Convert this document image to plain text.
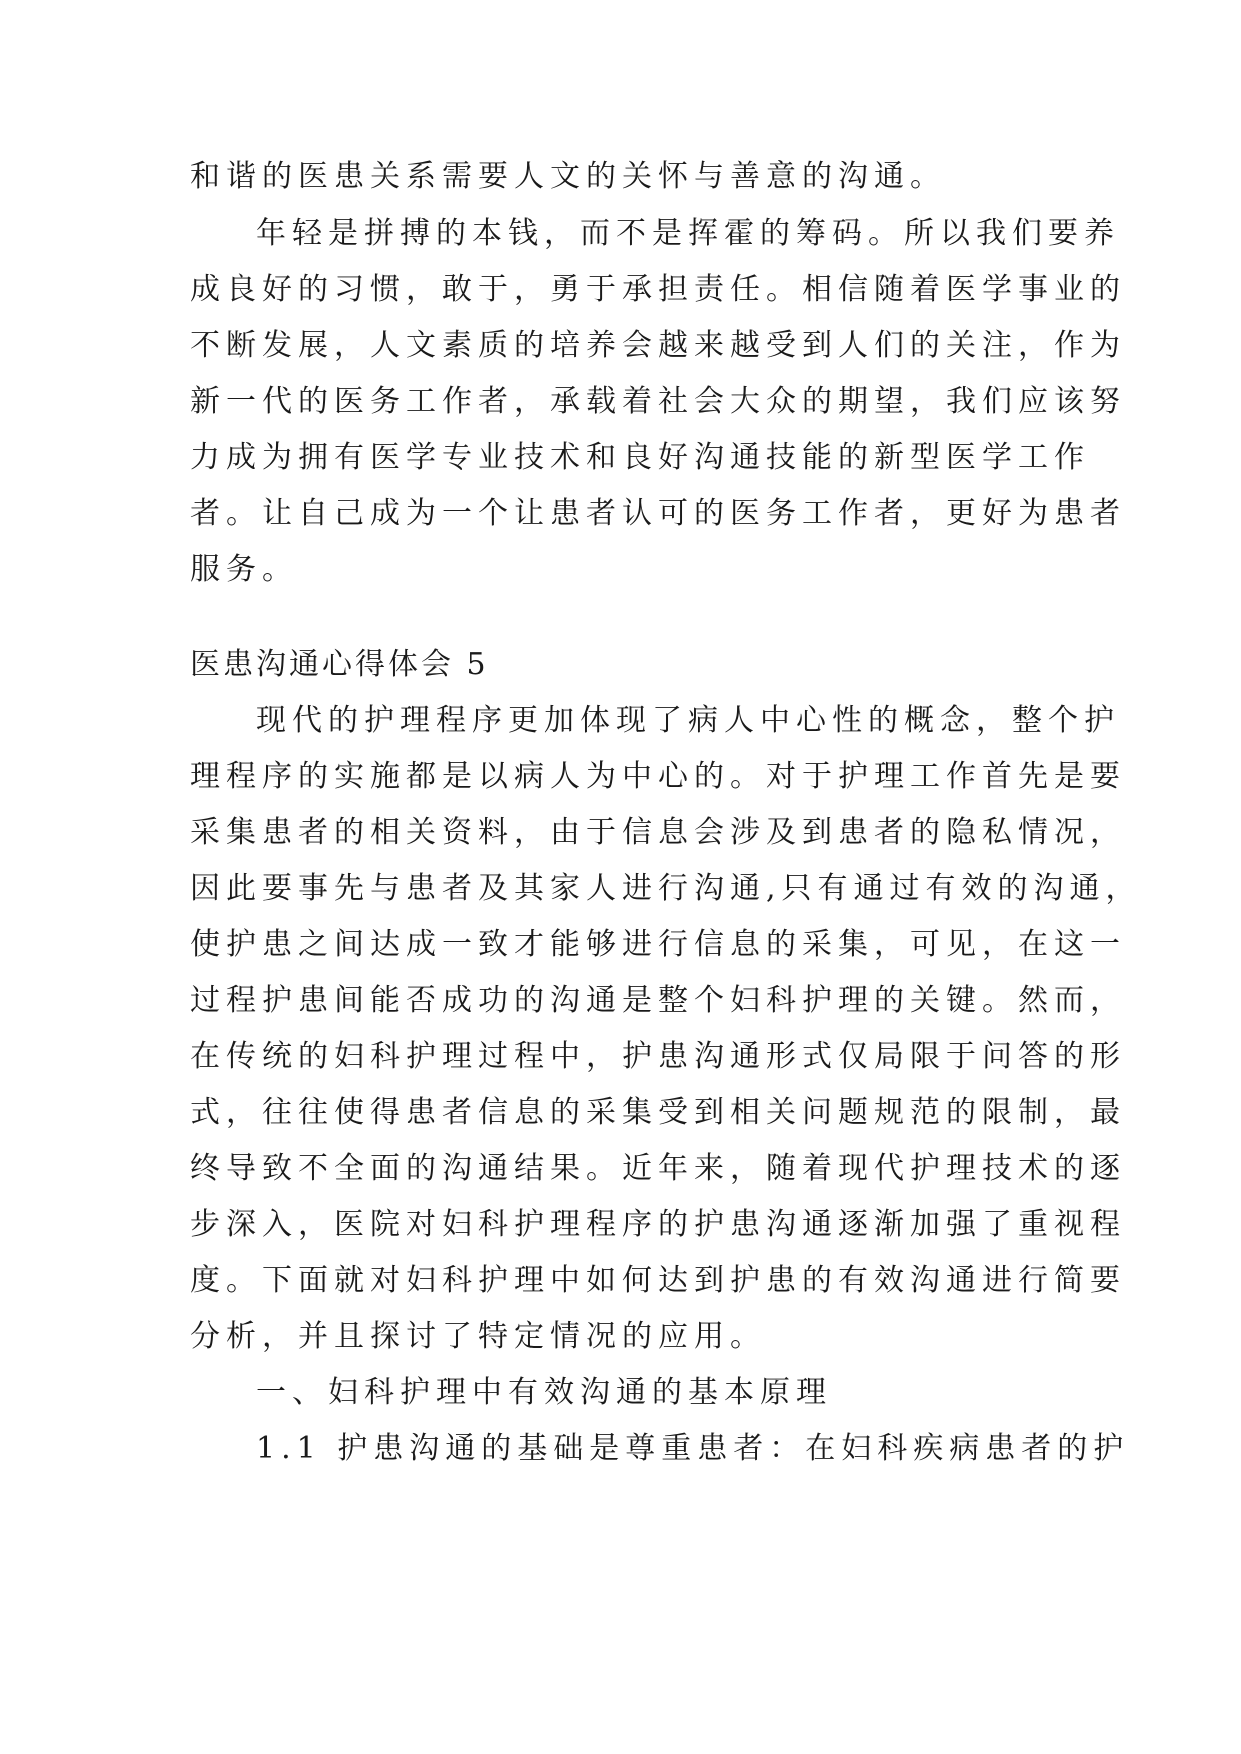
和谐的医患关系需要人文的关怀与善意的沟通。
年轻是拼搏的本钱，而不是挥霍的筹码。所以我们要养
成良好的习惯，敢于，勇于承担责任。相信随着医学事业的
不断发展，人文素质的培养会越来越受到人们的关注，作为
新一代的医务工作者，承载着社会大众的期望，我们应该努
力成为拥有医学专业技术和良好沟通技能的新型医学工作
者。让自己成为一个让患者认可的医务工作者，更好为患者
服务。
医患沟通心得体会 5
现代的护理程序更加体现了病人中心性的概念，整个护
理程序的实施都是以病人为中心的。对于护理工作首先是要
采集患者的相关资料，由于信息会涉及到患者的隐私情况，
因此要事先与患者及其家人进行沟通,只有通过有效的沟通，
使护患之间达成一致才能够进行信息的采集，可见，在这一
过程护患间能否成功的沟通是整个妇科护理的关键。然而，
在传统的妇科护理过程中，护患沟通形式仅局限于问答的形
式，往往使得患者信息的采集受到相关问题规范的限制，最
终导致不全面的沟通结果。近年来，随着现代护理技术的逐
步深入，医院对妇科护理程序的护患沟通逐渐加强了重视程
度。下面就对妇科护理中如何达到护患的有效沟通进行简要
分析，并且探讨了特定情况的应用。
一、妇科护理中有效沟通的基本原理
1.1 护患沟通的基础是尊重患者：在妇科疾病患者的护
